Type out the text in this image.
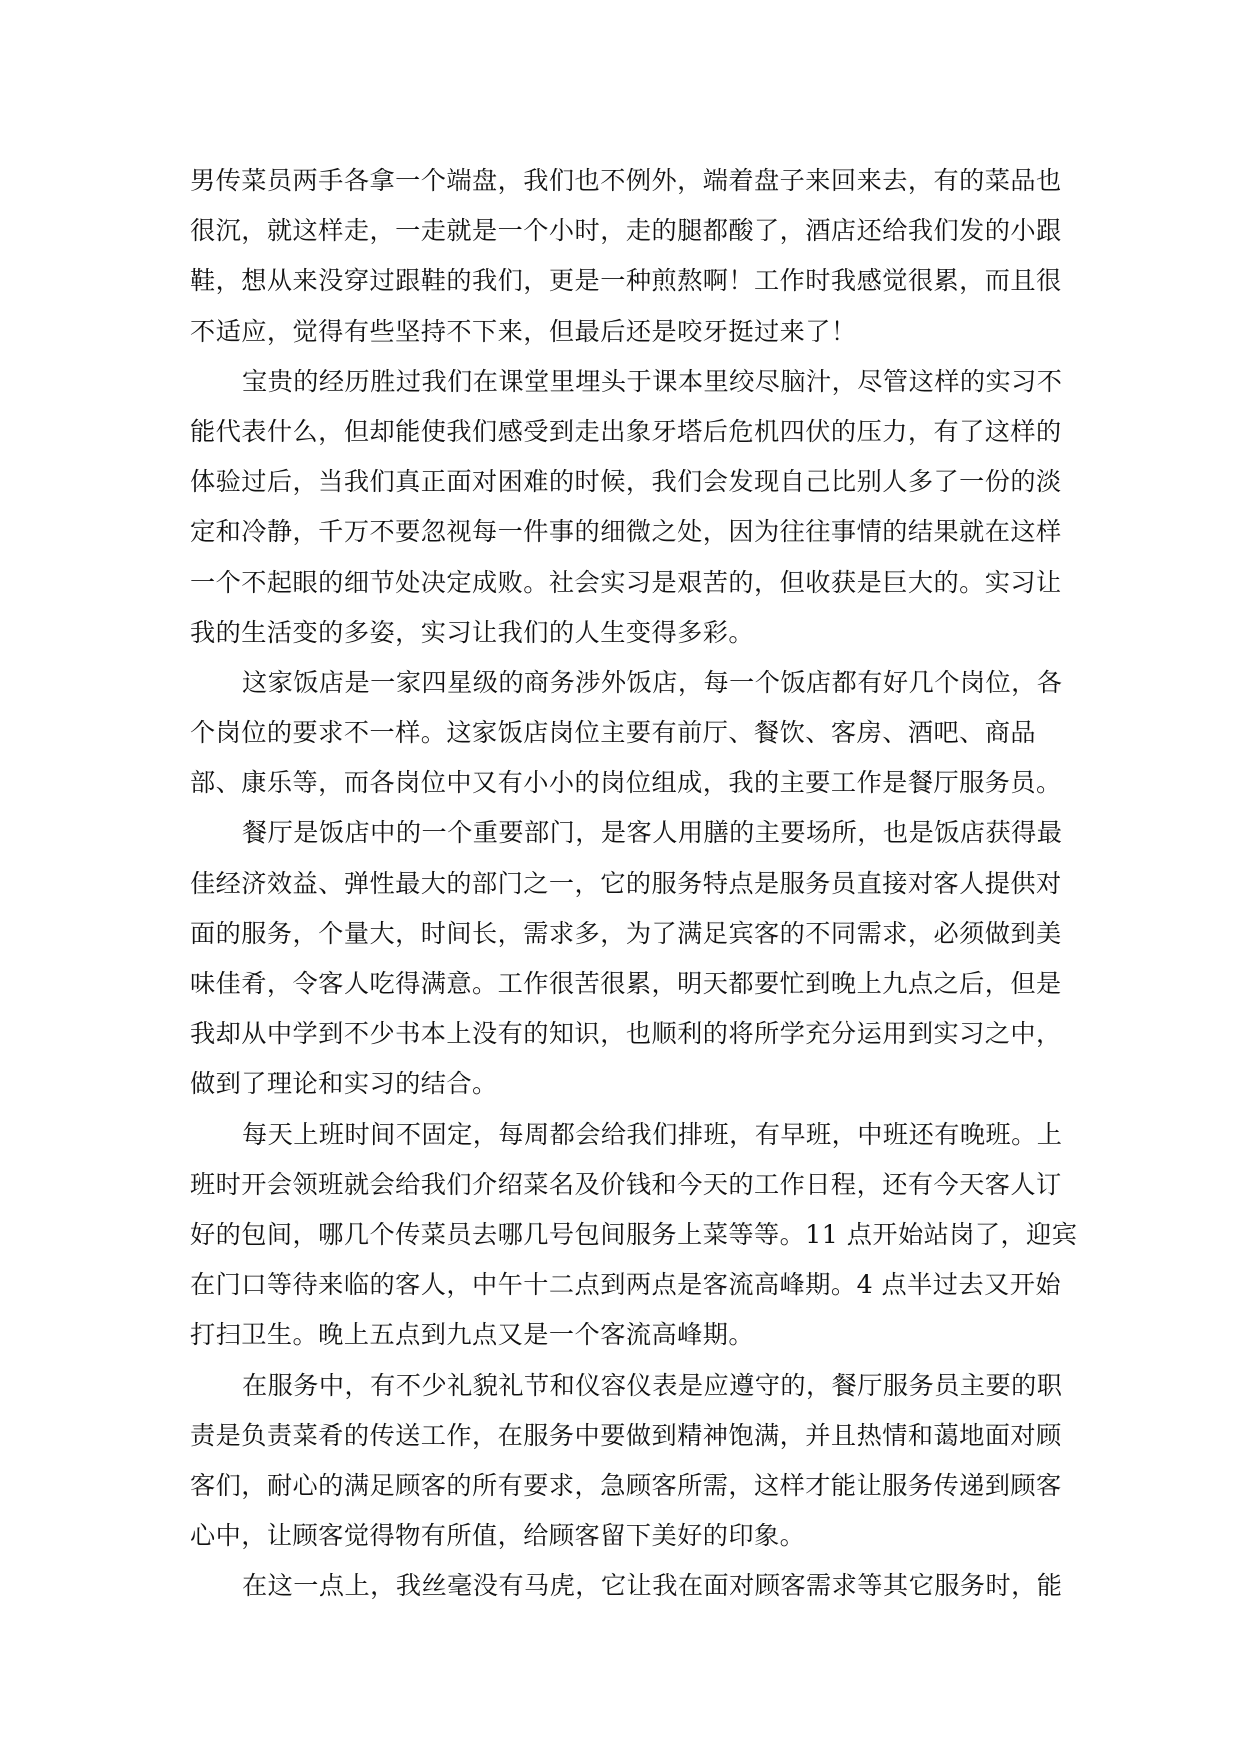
男传菜员两手各拿一个端盘，我们也不例外，端着盘子来回来去，有的菜品也
很沉，就这样走，一走就是一个小时，走的腿都酸了，酒店还给我们发的小跟
鞋，想从来没穿过跟鞋的我们，更是一种煎熬啊！工作时我感觉很累，而且很
不适应，觉得有些坚持不下来，但最后还是咬牙挺过来了！
宝贵的经历胜过我们在课堂里埋头于课本里绞尽脑汁，尽管这样的实习不
能代表什么，但却能使我们感受到走出象牙塔后危机四伏的压力，有了这样的
体验过后，当我们真正面对困难的时候，我们会发现自己比别人多了一份的淡
定和冷静，千万不要忽视每一件事的细微之处，因为往往事情的结果就在这样
一个不起眼的细节处决定成败。社会实习是艰苦的，但收获是巨大的。实习让
我的生活变的多姿，实习让我们的人生变得多彩。
这家饭店是一家四星级的商务涉外饭店，每一个饭店都有好几个岗位，各
个岗位的要求不一样。这家饭店岗位主要有前厅、餐饮、客房、酒吧、商品
部、康乐等，而各岗位中又有小小的岗位组成，我的主要工作是餐厅服务员。
餐厅是饭店中的一个重要部门，是客人用膳的主要场所，也是饭店获得最
佳经济效益、弹性最大的部门之一，它的服务特点是服务员直接对客人提供对
面的服务，个量大，时间长，需求多，为了满足宾客的不同需求，必须做到美
味佳肴，令客人吃得满意。工作很苦很累，明天都要忙到晚上九点之后，但是
我却从中学到不少书本上没有的知识，也顺利的将所学充分运用到实习之中，
做到了理论和实习的结合。
每天上班时间不固定，每周都会给我们排班，有早班，中班还有晚班。上
班时开会领班就会给我们介绍菜名及价钱和今天的工作日程，还有今天客人订
好的包间，哪几个传菜员去哪几号包间服务上菜等等。11 点开始站岗了，迎宾
在门口等待来临的客人，中午十二点到两点是客流高峰期。4 点半过去又开始
打扫卫生。晚上五点到九点又是一个客流高峰期。
在服务中，有不少礼貌礼节和仪容仪表是应遵守的，餐厅服务员主要的职
责是负责菜肴的传送工作，在服务中要做到精神饱满，并且热情和蔼地面对顾
客们，耐心的满足顾客的所有要求，急顾客所需，这样才能让服务传递到顾客
心中，让顾客觉得物有所值，给顾客留下美好的印象。
在这一点上，我丝毫没有马虎，它让我在面对顾客需求等其它服务时，能
